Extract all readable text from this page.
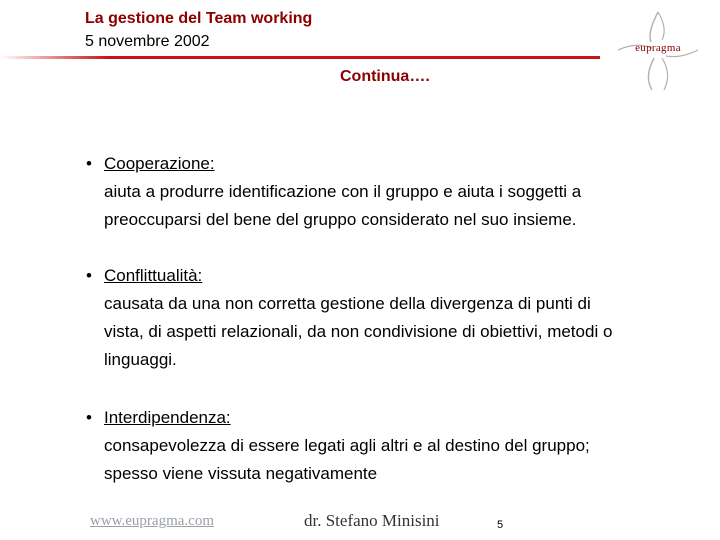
La gestione del Team working
5 novembre 2002	eupragma
Continua….
• Cooperazione:
aiuta a produrre identificazione con il gruppo e aiuta i soggetti a
preoccuparsi del bene del gruppo considerato nel suo insieme.
• Conflittualità:
causata da una non corretta gestione della divergenza di punti di
vista, di aspetti relazionali, da non condivisione di obiettivi, metodi o
linguaggi.
• Interdipendenza:
consapevolezza di essere legati agli altri e al destino del gruppo;
spesso viene vissuta negativamente
www.eupragma.com	dr. Stefano Minisini	5
